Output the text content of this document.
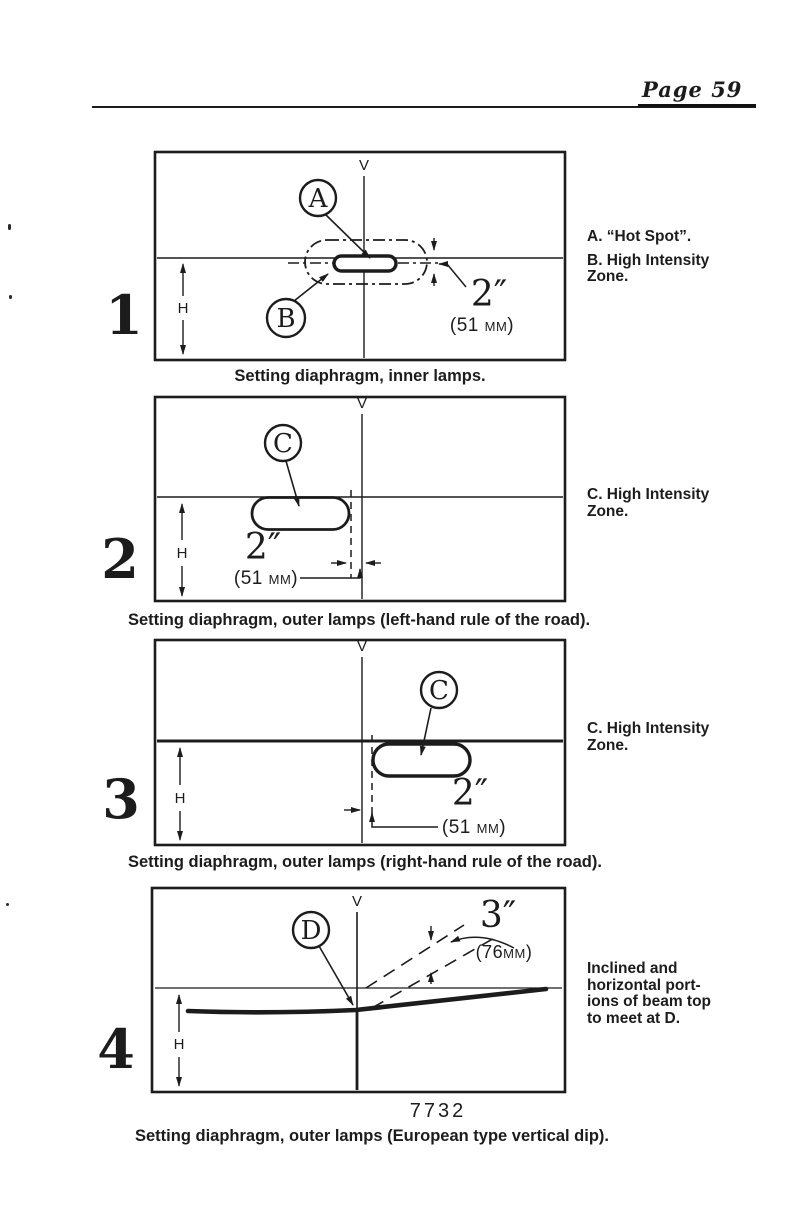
Page 59
1
V
A
B
2″
(51 mm)
H
Setting diaphragm, inner lamps.
A. “Hot Spot”.
B. High Intensity
Zone.
2
V
C
2″
(51 mm)
H
Setting diaphragm, outer lamps (left-hand rule of the road).
C. High Intensity
Zone.
3
V
C
2″
(51 mm)
H
Setting diaphragm, outer lamps (right-hand rule of the road).
C. High Intensity
Zone.
4
V
D	3″
(76mm)
H
7732
Setting diaphragm, outer lamps (European type vertical dip).
Inclined and
horizontal port-
ions of beam top
to meet at D.
